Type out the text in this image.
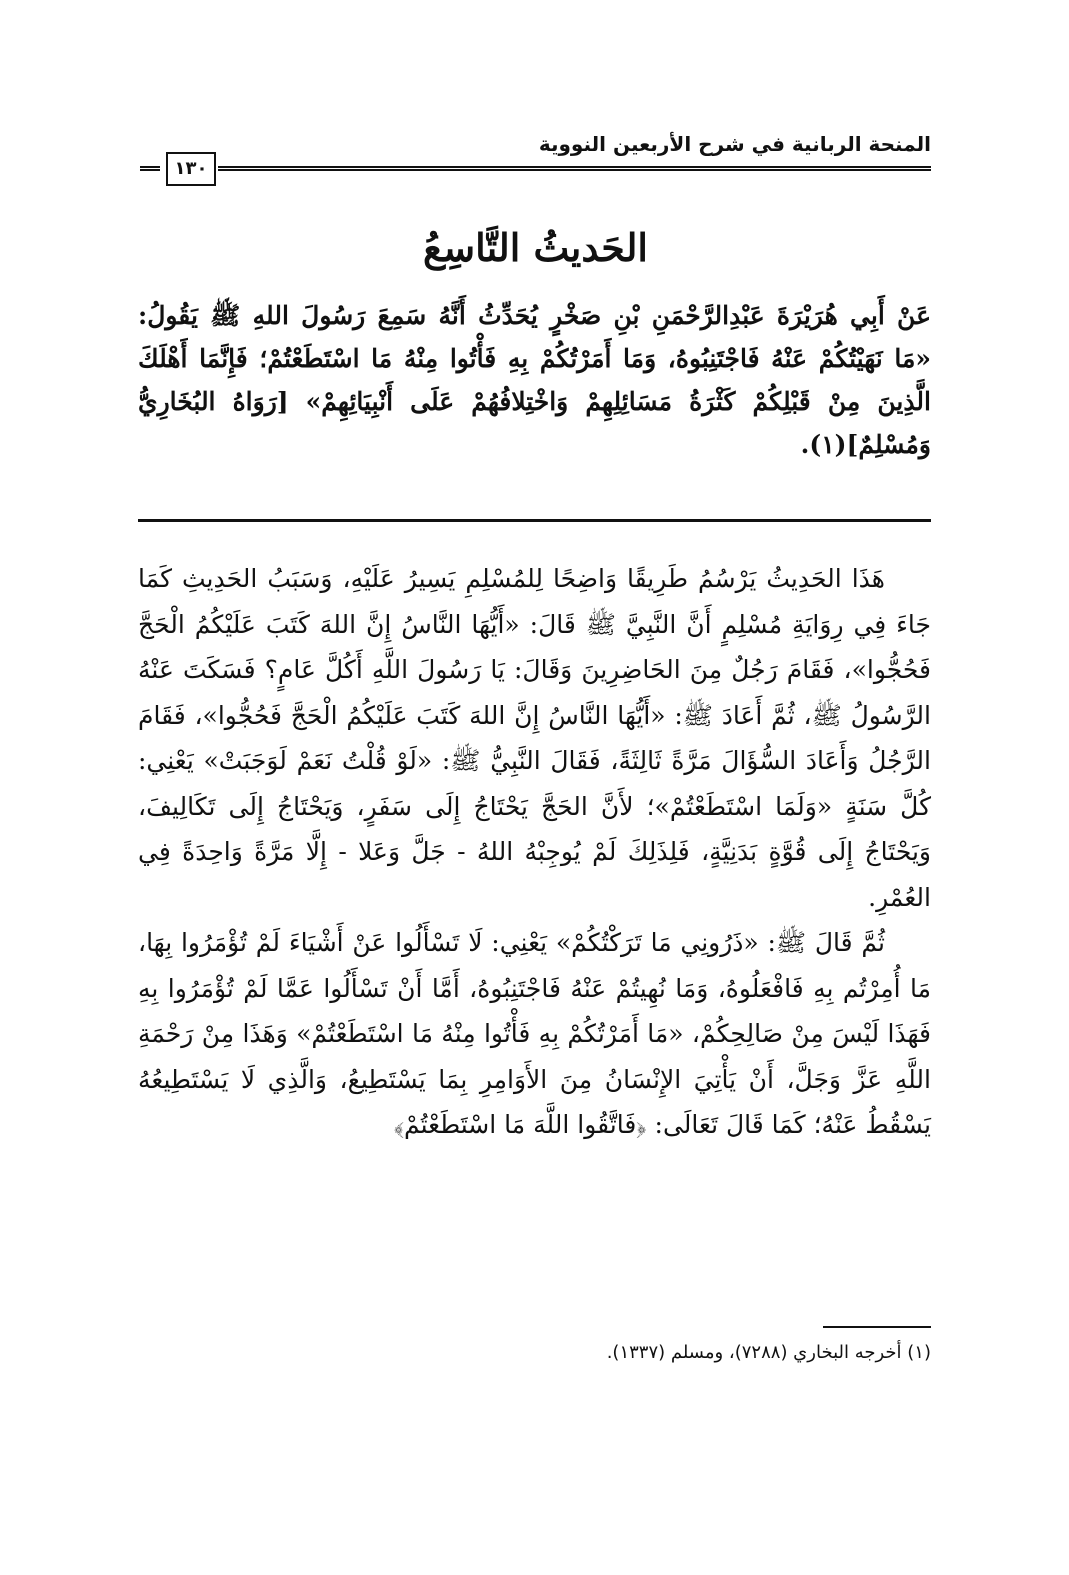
المنحة الربانية في شرح الأربعين النووية
١٣٠
الحَديثُ التَّاسِعُ
عَنْ أَبِي هُرَيْرَةَ عَبْدِالرَّحْمَنِ بْنِ صَخْرٍ يُحَدِّثُ أَنَّهُ سَمِعَ رَسُولَ اللهِ ﷺ يَقُولُ: «مَا نَهَيْتُكُمْ عَنْهُ فَاجْتَنِبُوهُ، وَمَا أَمَرْتُكُمْ بِهِ فَأْتُوا مِنْهُ مَا اسْتَطَعْتُمْ؛ فَإِنَّمَا أَهْلَكَ الَّذِينَ مِنْ قَبْلِكُمْ كَثْرَةُ مَسَائِلِهِمْ وَاخْتِلافُهُمْ عَلَى أَنْبِيَائِهِمْ» [رَوَاهُ البُخَارِيُّ وَمُسْلِمٌ](١).

هَذَا الحَدِيثُ يَرْسُمُ طَرِيقًا وَاضِحًا لِلمُسْلِمِ يَسِيرُ عَلَيْهِ، وَسَبَبُ الحَدِيثِ كَمَا جَاءَ فِي رِوَايَةِ مُسْلِمٍ أَنَّ النَّبِيَّ ﷺ قَالَ: «أَيُّهَا النَّاسُ إِنَّ اللهَ كَتَبَ عَلَيْكُمُ الْحَجَّ فَحُجُّوا»، فَقَامَ رَجُلٌ مِنَ الحَاضِرِينَ وَقَالَ: يَا رَسُولَ اللَّهِ أَكُلَّ عَامٍ؟ فَسَكَتَ عَنْهُ الرَّسُولُ ﷺ، ثُمَّ أَعَادَ ﷺ: «أَيُّهَا النَّاسُ إِنَّ اللهَ كَتَبَ عَلَيْكُمُ الْحَجَّ فَحُجُّوا»، فَقَامَ الرَّجُلُ وَأَعَادَ السُّؤَالَ مَرَّةً ثَالِثَةً، فَقَالَ النَّبِيُّ ﷺ: «لَوْ قُلْتُ نَعَمْ لَوَجَبَتْ» يَعْنِي: كُلَّ سَنَةٍ «وَلَمَا اسْتَطَعْتُمْ»؛ لأَنَّ الحَجَّ يَحْتَاجُ إِلَى سَفَرٍ، وَيَحْتَاجُ إِلَى تَكَالِيفَ، وَيَحْتَاجُ إِلَى قُوَّةٍ بَدَنِيَّةٍ، فَلِذَلِكَ لَمْ يُوجِبْهُ اللهُ - جَلَّ وَعَلا - إِلَّا مَرَّةً وَاحِدَةً فِي العُمْرِ.

ثُمَّ قَالَ ﷺ: «ذَرُونِي مَا تَرَكْتُكُمْ» يَعْنِي: لَا تَسْأَلُوا عَنْ أَشْيَاءَ لَمْ تُؤْمَرُوا بِهَا، مَا أُمِرْتُم بِهِ فَافْعَلُوهُ، وَمَا نُهِيتُمْ عَنْهُ فَاجْتَنِبُوهُ، أَمَّا أَنْ تَسْأَلُوا عَمَّا لَمْ تُؤْمَرُوا بِهِ فَهَذَا لَيْسَ مِنْ صَالِحِكُمْ، «مَا أَمَرْتُكُمْ بِهِ فَأْتُوا مِنْهُ مَا اسْتَطَعْتُمْ» وَهَذَا مِنْ رَحْمَةِ اللَّهِ عَزَّ وَجَلَّ، أَنْ يَأْتِيَ الإِنْسَانُ مِنَ الأَوَامِرِ بِمَا يَسْتَطِيعُ، وَالَّذِي لَا يَسْتَطِيعُهُ يَسْقُطُ عَنْهُ؛ كَمَا قَالَ تَعَالَى: ﴿فَاتَّقُوا اللَّهَ مَا اسْتَطَعْتُمْ﴾

(١) أخرجه البخاري (٧٢٨٨)، ومسلم (١٣٣٧).
